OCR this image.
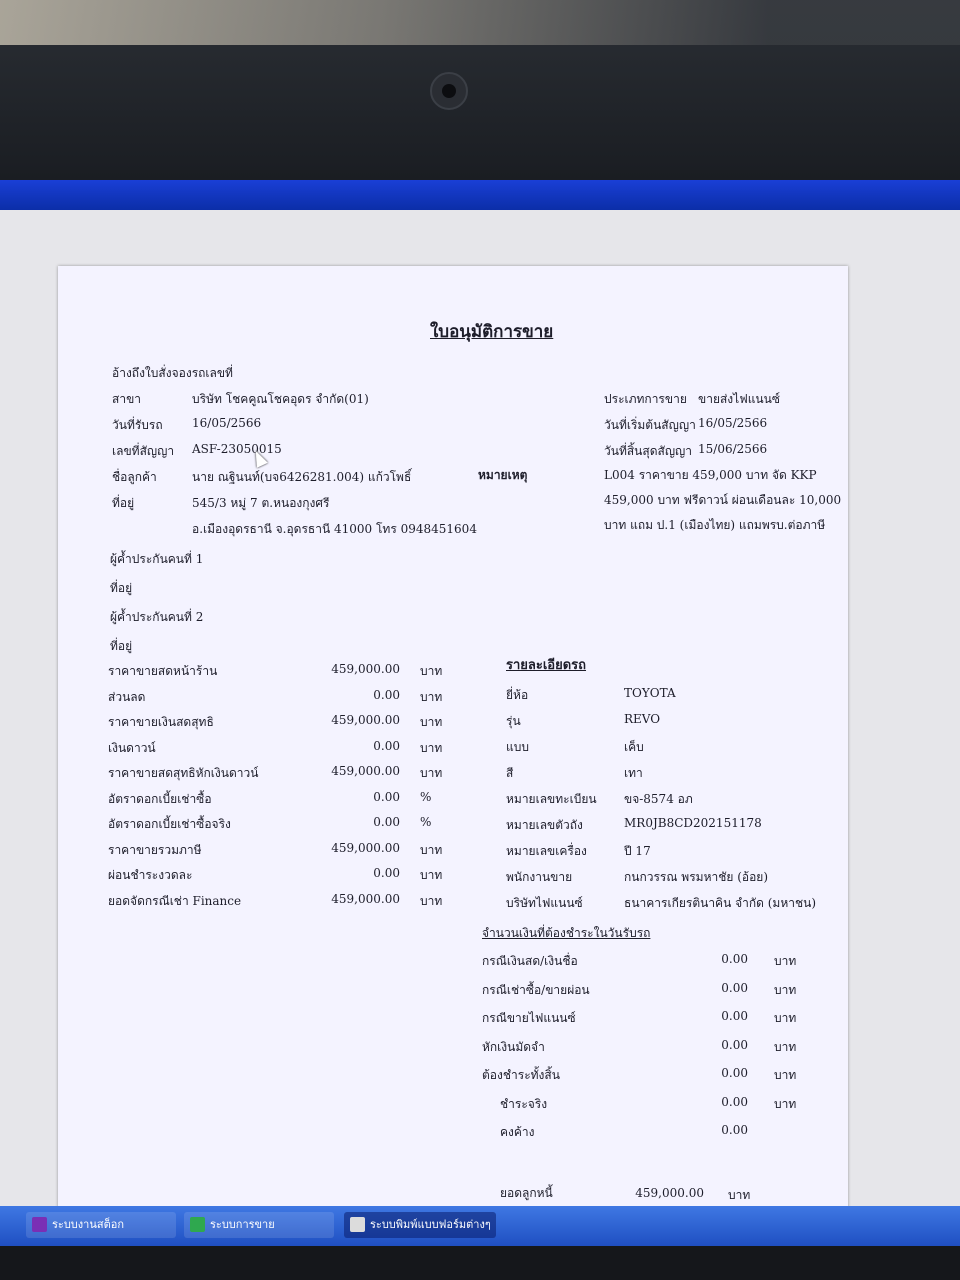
ใบอนุมัติการขาย
อ้างถึงใบสั่งจองรถเลขที่
หมายเหตุ
รายละเอียดรถ
จำนวนเงินที่ต้องชำระในวันรับรถ
ยอดลูกหนี้	459,000.00 บาท
สาขา	บริษัท โชคคูณโชคอุดร จำกัด(01)
วันที่รับรถ 16/05/2566
เลขที่สัญญา ASF-23050015
ชื่อลูกค้า	นาย ณฐินนท์(บจ6426281.004) แก้วโพธิ์
ที่อยู่	545/3 หมู่ 7 ต.หนองกุงศรี
อ.เมืองอุดรธานี จ.อุดรธานี 41000 โทร 0948451604
ประเภทการขาย ขายส่งไฟแนนซ์
วันที่เริ่มต้นสัญญา 16/05/2566
วันที่สิ้นสุดสัญญา 15/06/2566
L004 ราคาขาย 459,000 บาท จัด KKP
459,000 บาท ฟรีดาวน์ ผ่อนเดือนละ 10,000
บาท แถม ป.1 (เมืองไทย) แถมพรบ.ต่อภาษี
ผู้ค้ำประกันคนที่ 1
ที่อยู่
ผู้ค้ำประกันคนที่ 2
ที่อยู่
ราคาขายสดหน้าร้าน	459,000.00 บาท
ส่วนลด	0.00 บาท
ราคาขายเงินสดสุทธิ	459,000.00 บาท
เงินดาวน์	0.00 บาท
ราคาขายสดสุทธิหักเงินดาวน์	459,000.00 บาท
อัตราดอกเบี้ยเช่าซื้อ	0.00 %
อัตราดอกเบี้ยเช่าซื้อจริง	0.00 %
ราคาขายรวมภาษี	459,000.00 บาท
ผ่อนชำระงวดละ	0.00 บาท
ยอดจัดกรณีเช่า Finance	459,000.00 บาท
ยี่ห้อ	TOYOTA
รุ่น	REVO
แบบ	เค็บ
สี	เทา
หมายเลขทะเบียน ขจ-8574 อภ
หมายเลขตัวถัง	MR0JB8CD202151178
หมายเลขเครื่อง	ปี 17
พนักงานขาย	กนกวรรณ พรมหาชัย (อ้อย)
บริษัทไฟแนนซ์	ธนาคารเกียรตินาคิน จำกัด (มหาชน)
กรณีเงินสด/เงินชื่อ	0.00 บาท
กรณีเช่าซื้อ/ขายผ่อน	0.00 บาท
กรณีขายไฟแนนซ์	0.00 บาท
หักเงินมัดจำ	0.00 บาท
ต้องชำระทั้งสิ้น	0.00 บาท
ชำระจริง	0.00 บาท
คงค้าง	0.00
ระบบงานสต็อก	ระบบการขาย	ระบบพิมพ์แบบฟอร์มต่างๆ
